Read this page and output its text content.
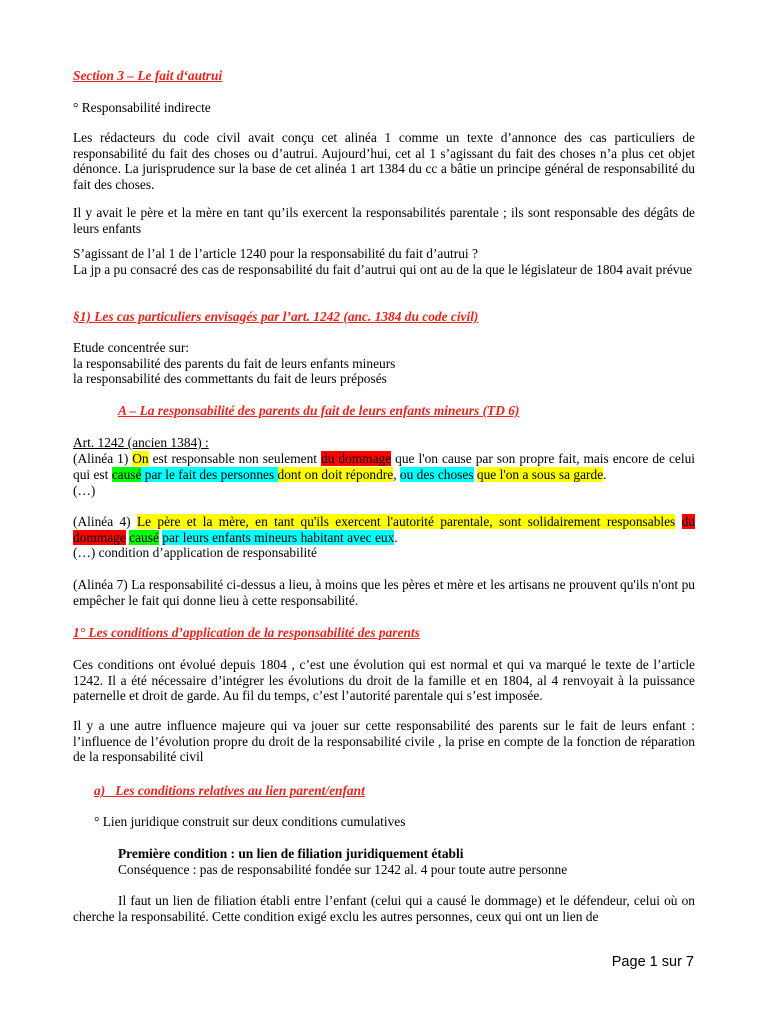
Section 3 – Le fait d‘autrui

° Responsabilité indirecte

Les rédacteurs du code civil avait conçu cet alinéa 1 comme un texte d’annonce des cas particuliers de responsabilité du fait des choses ou d’autrui. Aujourd’hui, cet al 1 s’agissant du fait des choses n’a plus cet objet dénonce. La jurisprudence sur la base de cet alinéa 1 art 1384 du cc a bâtie un principe général de responsabilité du fait des choses.

Il y avait le père et la mère en tant qu’ils exercent la responsabilités parentale ; ils sont responsable des dégâts de leurs enfants

S’agissant de l’al 1 de l’article 1240 pour la responsabilité du fait d’autrui ?
La jp a pu consacré des cas de responsabilité du fait d’autrui qui ont au de la que le législateur de 1804 avait prévue

§1) Les cas particuliers envisagés par l’art. 1242 (anc. 1384 du code civil)

Etude concentrée sur:
la responsabilité des parents du fait de leurs enfants mineurs
la responsabilité des commettants du fait de leurs préposés

A – La responsabilité des parents du fait de leurs enfants mineurs (TD 6)

Art. 1242 (ancien 1384) :

(Alinéa 1) On est responsable non seulement du dommage que l'on cause par son propre fait, mais encore de celui qui est causé par le fait des personnes dont on doit répondre, ou des choses que l'on a sous sa garde.

(…)

(Alinéa 4) Le père et la mère, en tant qu'ils exercent l'autorité parentale, sont solidairement responsables du dommage causé par leurs enfants mineurs habitant avec eux.

(…) condition d’application de responsabilité

(Alinéa 7) La responsabilité ci-dessus a lieu, à moins que les pères et mère et les artisans ne prouvent qu'ils n'ont pu empêcher le fait qui donne lieu à cette responsabilité.

1° Les conditions d’application de la responsabilité des parents

Ces conditions ont évolué depuis 1804 , c’est une évolution qui est normal et qui va marqué le texte de l’article 1242. Il a été nécessaire d’intégrer les évolutions du droit de la famille et en 1804, al 4 renvoyait à la puissance paternelle et droit de garde. Au fil du temps, c’est l’autorité parentale qui s’est imposée.

Il y a une autre influence majeure qui va jouer sur cette responsabilité des parents sur le fait de leurs enfant : l’influence de l’évolution propre du droit de la responsabilité civile , la prise en compte de la fonction de réparation de la responsabilité civil

a) Les conditions relatives au lien parent/enfant

° Lien juridique construit sur deux conditions cumulatives

Première condition : un lien de filiation juridiquement établi
Conséquence : pas de responsabilité fondée sur 1242 al. 4 pour toute autre personne

Il faut un lien de filiation établi entre l’enfant (celui qui a causé le dommage) et le défendeur, celui où on cherche la responsabilité. Cette condition exigé exclu les autres personnes, ceux qui ont un lien de

Page 1 sur 7
